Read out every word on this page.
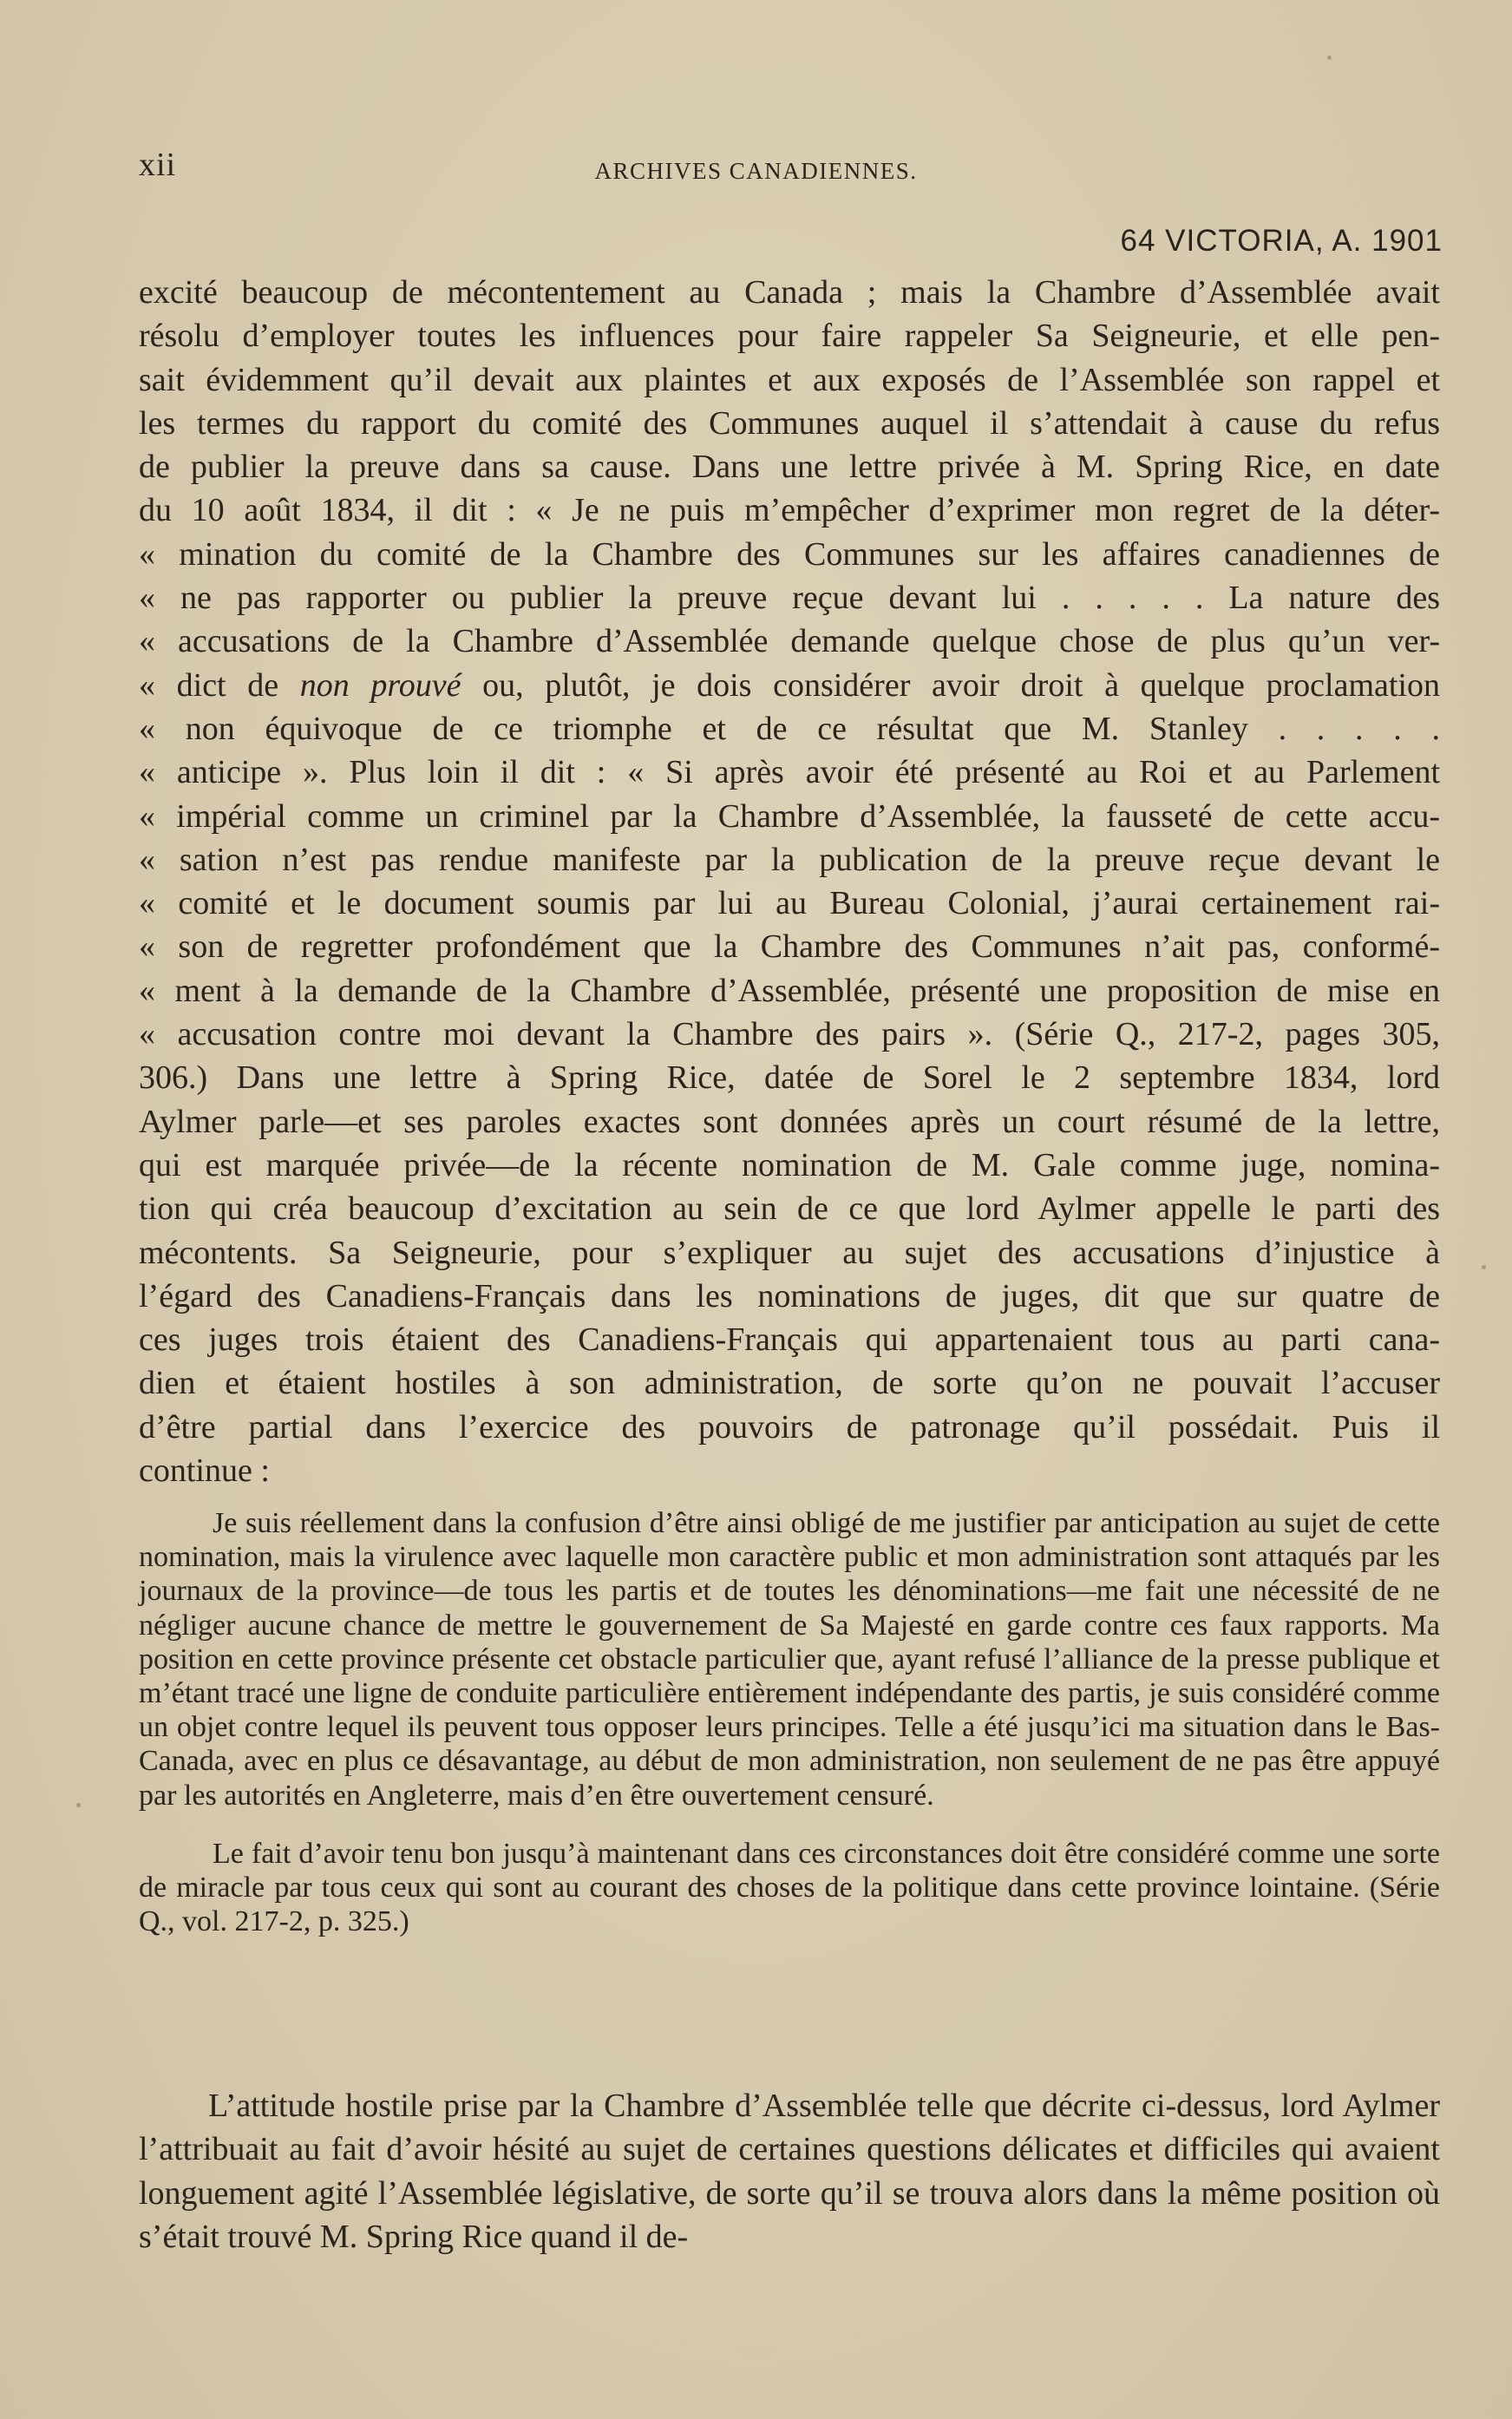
xii	ARCHIVES CANADIENNES.
64 VICTORIA, A. 1901
excité beaucoup de mécontentement au Canada ; mais la Chambre d’Assemblée avait
résolu d’employer toutes les influences pour faire rappeler Sa Seigneurie, et elle pen-
sait évidemment qu’il devait aux plaintes et aux exposés de l’Assemblée son rappel et
les termes du rapport du comité des Communes auquel il s’attendait à cause du refus
de publier la preuve dans sa cause. Dans une lettre privée à M. Spring Rice, en date
du 10 août 1834, il dit : « Je ne puis m’empêcher d’exprimer mon regret de la déter-
« mination du comité de la Chambre des Communes sur les affaires canadiennes de
« ne pas rapporter ou publier la preuve reçue devant lui . . . . . La nature des
« accusations de la Chambre d’Assemblée demande quelque chose de plus qu’un ver-
« dict de non prouvé ou, plutôt, je dois considérer avoir droit à quelque proclamation
« non équivoque de ce triomphe et de ce résultat que M. Stanley . . . . .
« anticipe ». Plus loin il dit : « Si après avoir été présenté au Roi et au Parlement
« impérial comme un criminel par la Chambre d’Assemblée, la fausseté de cette accu-
« sation n’est pas rendue manifeste par la publication de la preuve reçue devant le
« comité et le document soumis par lui au Bureau Colonial, j’aurai certainement rai-
« son de regretter profondément que la Chambre des Communes n’ait pas, conformé-
« ment à la demande de la Chambre d’Assemblée, présenté une proposition de mise en
« accusation contre moi devant la Chambre des pairs ». (Série Q., 217-2, pages 305,
306.) Dans une lettre à Spring Rice, datée de Sorel le 2 septembre 1834, lord
Aylmer parle—et ses paroles exactes sont données après un court résumé de la lettre,
qui est marquée privée—de la récente nomination de M. Gale comme juge, nomina-
tion qui créa beaucoup d’excitation au sein de ce que lord Aylmer appelle le parti des
mécontents. Sa Seigneurie, pour s’expliquer au sujet des accusations d’injustice à
l’égard des Canadiens-Français dans les nominations de juges, dit que sur quatre de
ces juges trois étaient des Canadiens-Français qui appartenaient tous au parti cana-
dien et étaient hostiles à son administration, de sorte qu’on ne pouvait l’accuser
d’être partial dans l’exercice des pouvoirs de patronage qu’il possédait. Puis il
continue :

Je suis réellement dans la confusion d’être ainsi obligé de me justifier par anticipation au sujet de cette nomination, mais la virulence avec laquelle mon caractère public et mon administration sont attaqués par les journaux de la province—de tous les partis et de toutes les dénominations—me fait une nécessité de ne négliger aucune chance de mettre le gouvernement de Sa Majesté en garde contre ces faux rapports. Ma position en cette province présente cet obstacle particulier que, ayant refusé l’alliance de la presse publique et m’étant tracé une ligne de conduite particulière entièrement indépendante des partis, je suis considéré comme un objet contre lequel ils peuvent tous opposer leurs principes. Telle a été jusqu’ici ma situation dans le Bas-Canada, avec en plus ce désavantage, au début de mon administration, non seulement de ne pas être appuyé par les autorités en Angleterre, mais d’en être ouvertement censuré.

Le fait d’avoir tenu bon jusqu’à maintenant dans ces circonstances doit être considéré comme une sorte de miracle par tous ceux qui sont au courant des choses de la politique dans cette province lointaine. (Série Q., vol. 217-2, p. 325.)

L’attitude hostile prise par la Chambre d’Assemblée telle que décrite ci-dessus, lord Aylmer l’attribuait au fait d’avoir hésité au sujet de certaines questions délicates et difficiles qui avaient longuement agité l’Assemblée législative, de sorte qu’il se trouva alors dans la même position où s’était trouvé M. Spring Rice quand il de-
